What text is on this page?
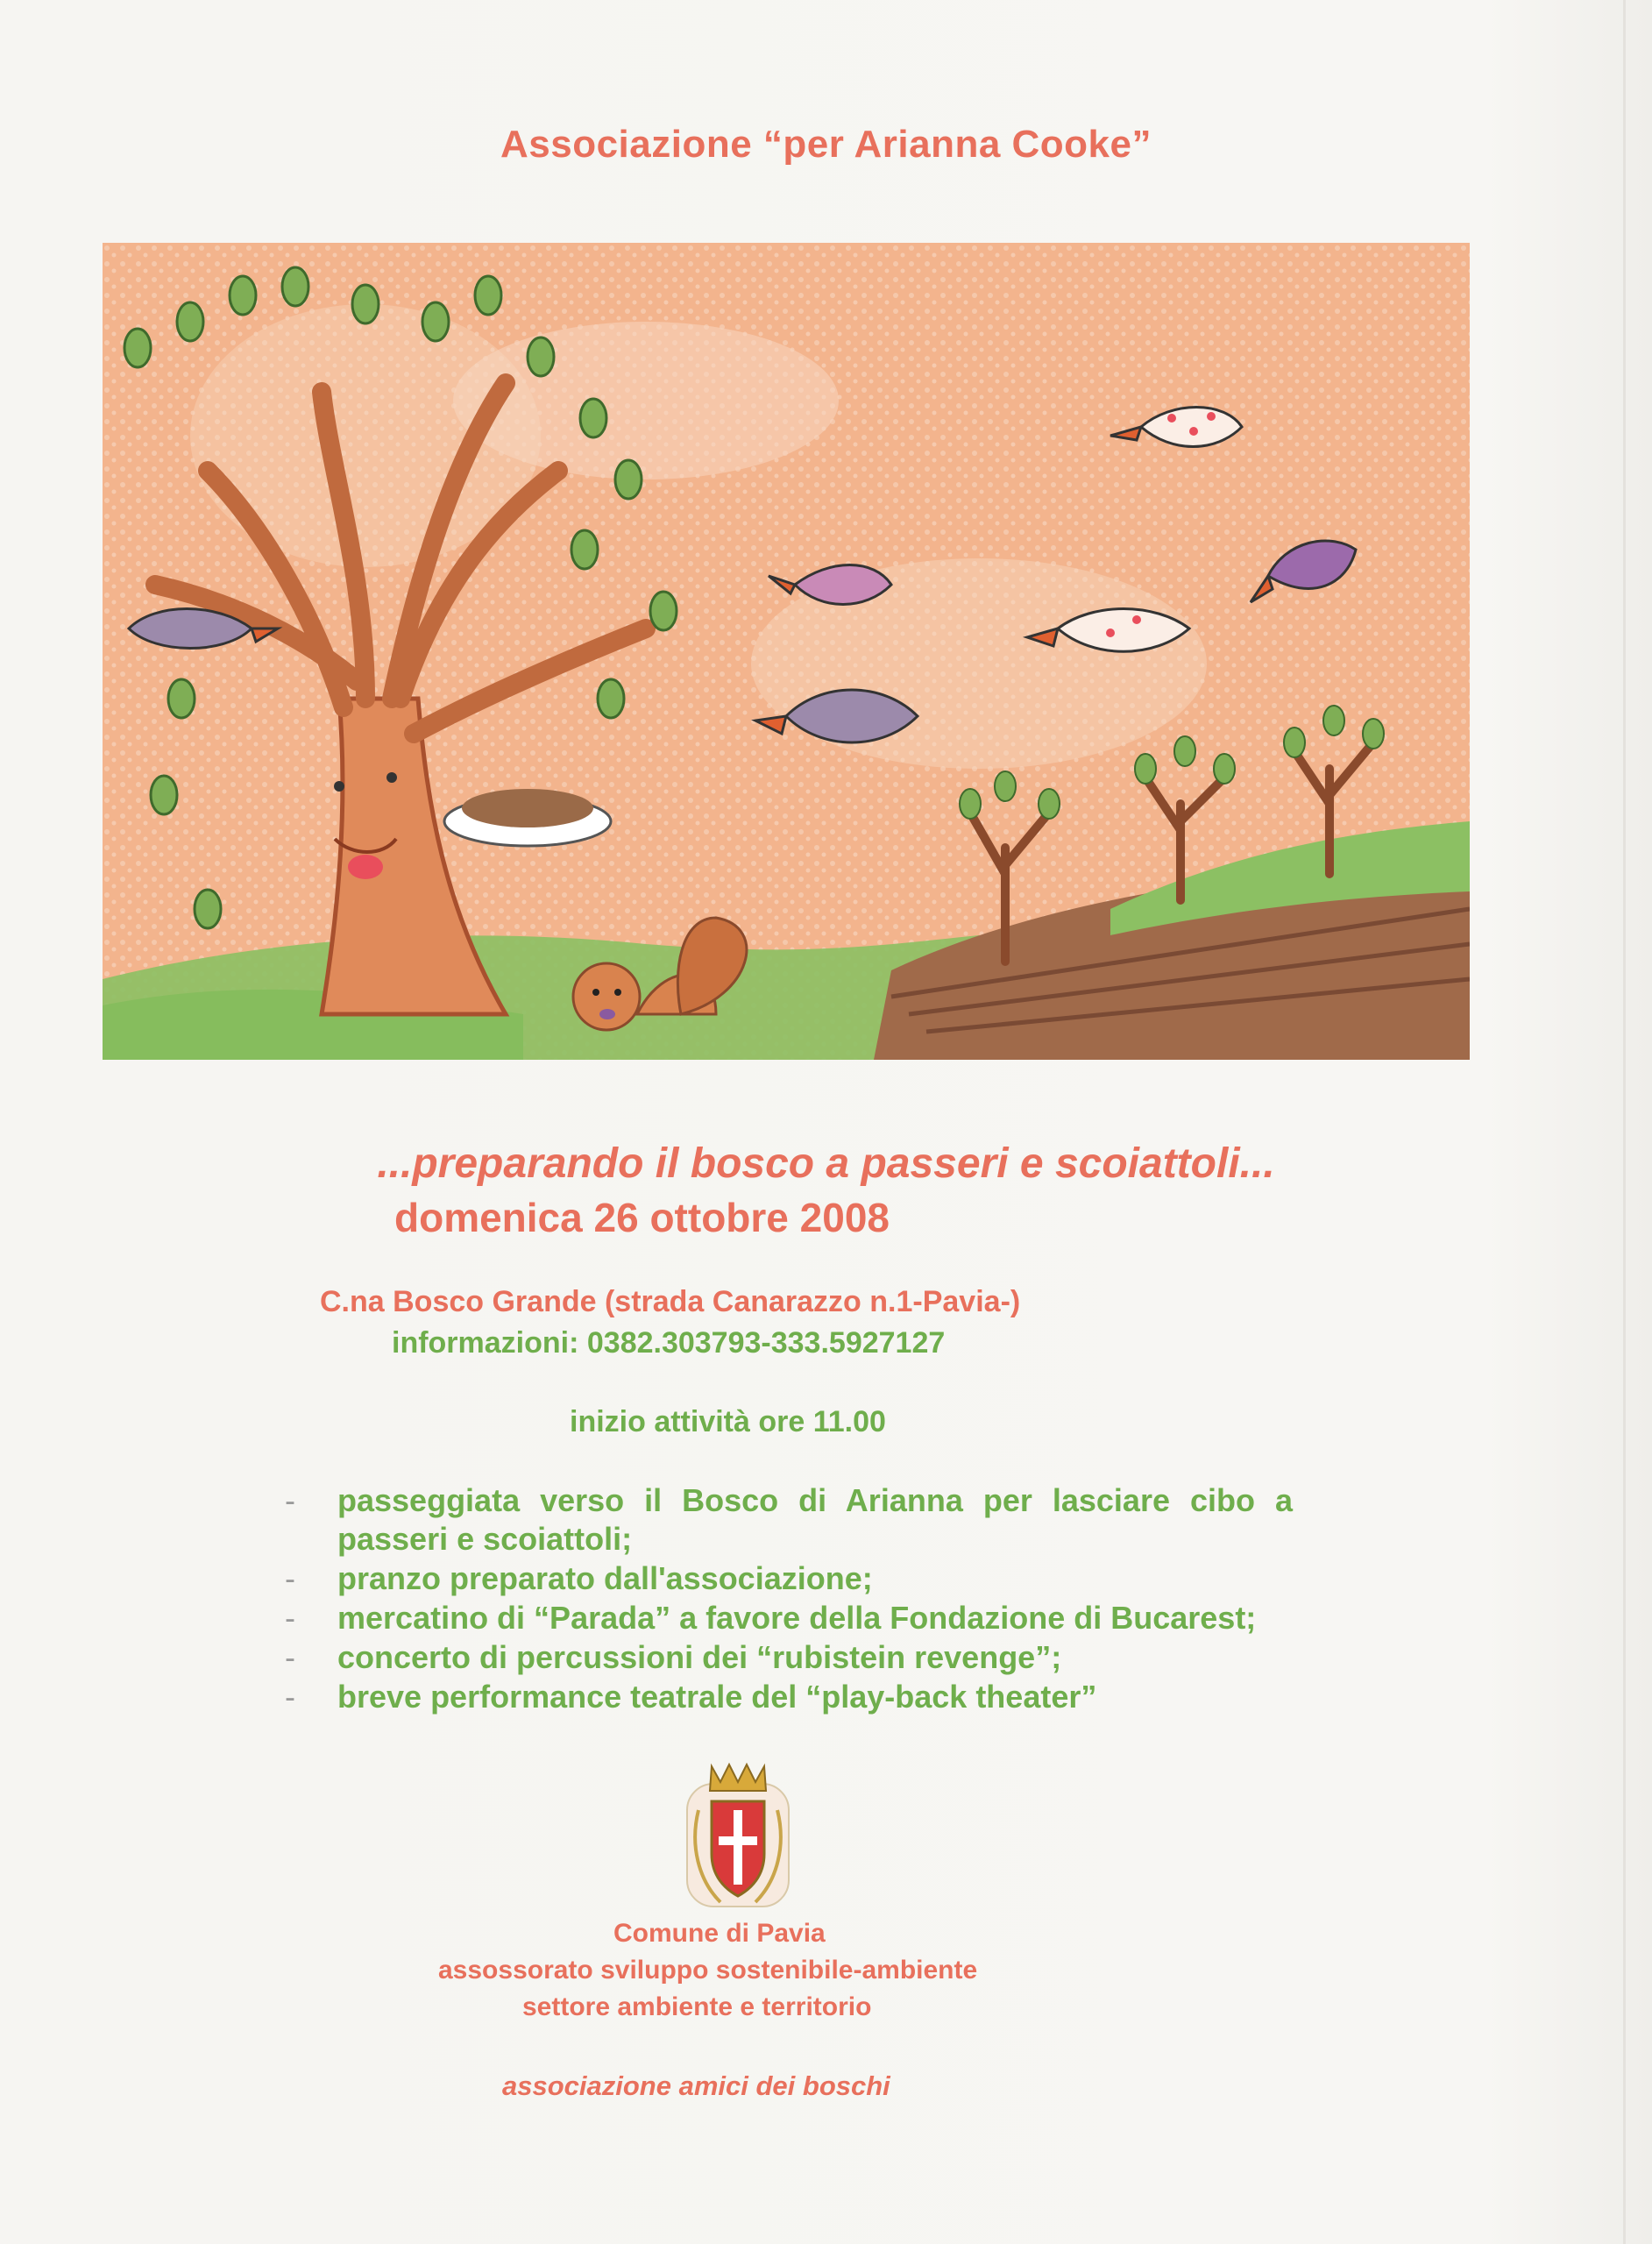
Associazione “per Arianna Cooke”
...preparando il bosco a passeri e scoiattoli...
domenica 26 ottobre 2008
C.na Bosco Grande (strada Canarazzo n.1-Pavia-)
informazioni: 0382.303793-333.5927127
inizio attività ore 11.00
- passeggiata verso il Bosco di Arianna per lasciare cibo a passeri e scoiattoli;
- pranzo preparato dall'associazione;
- mercatino di “Parada” a favore della Fondazione di Bucarest;
- concerto di percussioni dei “rubistein revenge”;
- breve performance teatrale del “play-back theater”
Comune di Pavia
assossorato sviluppo sostenibile-ambiente
settore ambiente e territorio
associazione amici dei boschi
